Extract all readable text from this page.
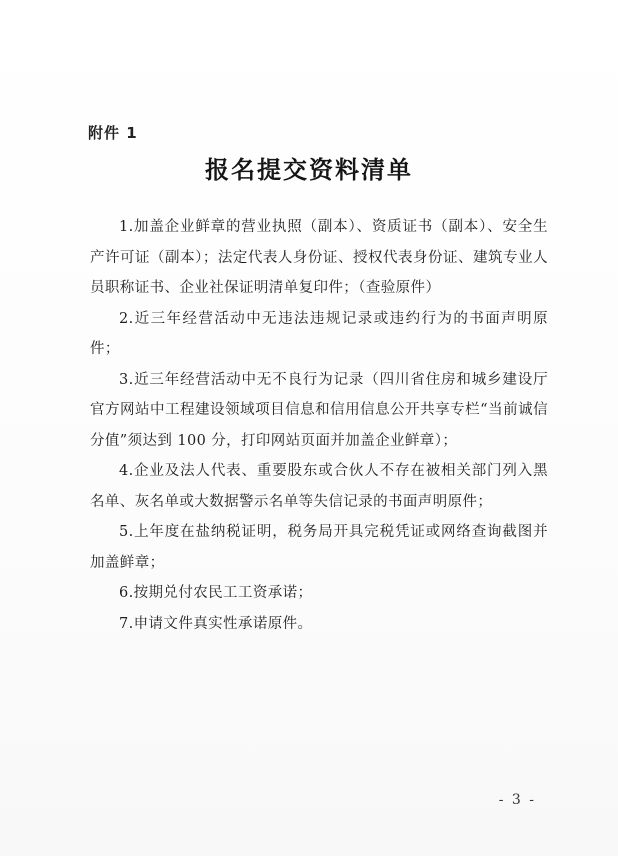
附件 1
报名提交资料清单

1.加盖企业鲜章的营业执照（副本）、资质证书（副本）、安全生产许可证（副本）；法定代表人身份证、授权代表身份证、建筑专业人员职称证书、企业社保证明清单复印件；（查验原件）

2.近三年经营活动中无违法违规记录或违约行为的书面声明原件；

3.近三年经营活动中无不良行为记录（四川省住房和城乡建设厅官方网站中工程建设领域项目信息和信用信息公开共享专栏“当前诚信分值”须达到 100 分，打印网站页面并加盖企业鲜章）；

4.企业及法人代表、重要股东或合伙人不存在被相关部门列入黑名单、灰名单或大数据警示名单等失信记录的书面声明原件；

5.上年度在盐纳税证明，税务局开具完税凭证或网络查询截图并加盖鲜章；

6.按期兑付农民工工资承诺；

7.申请文件真实性承诺原件。

- 3 -
